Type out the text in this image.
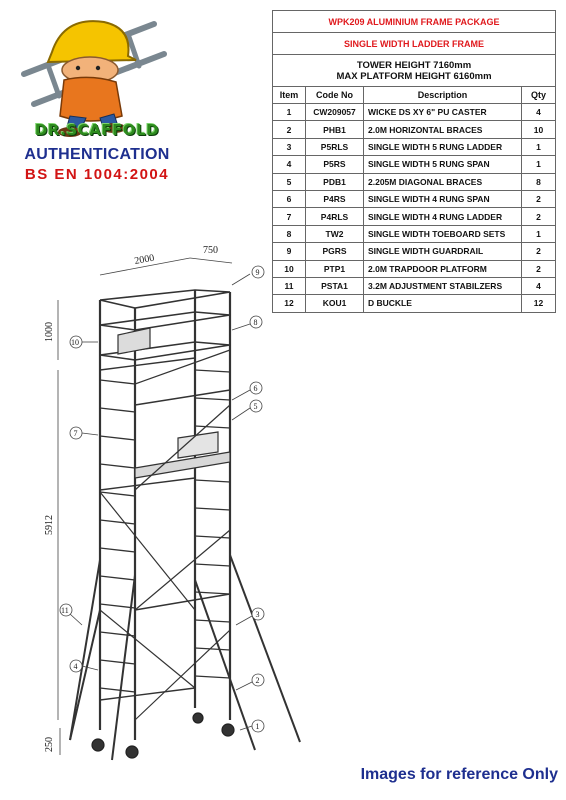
DR.SCAFFOLD
AUTHENTICATION
BS EN 1004:2004
WPK209 ALUMINIUM FRAME PACKAGE			
SINGLE WIDTH LADDER FRAME			
TOWER HEIGHT 7160mm
MAX PLATFORM HEIGHT 6160mm			
Item	Code No	Description	Qty
1	CW209057	WICKE DS XY 6" PU CASTER	4
2	PHB1	2.0M HORIZONTAL BRACES	10
3	P5RLS	SINGLE WIDTH 5 RUNG LADDER	1
4	P5RS	SINGLE WIDTH 5 RUNG SPAN	1
5	PDB1	2.205M DIAGONAL BRACES	8
6	P4RS	SINGLE WIDTH 4 RUNG SPAN	2
7	P4RLS	SINGLE WIDTH 4 RUNG LADDER	2
8	TW2	SINGLE WIDTH TOEBOARD SETS	1
9	PGRS	SINGLE WIDTH GUARDRAIL	2
10	PTP1	2.0M TRAPDOOR PLATFORM	2
11	PSTA1	3.2M ADJUSTMENT STABILZERS	4
12	KOU1	D BUCKLE	12
2000
750
1000
5912
250
1
2
3
4
5
6
7
8
9
10
11
Images for reference Only
